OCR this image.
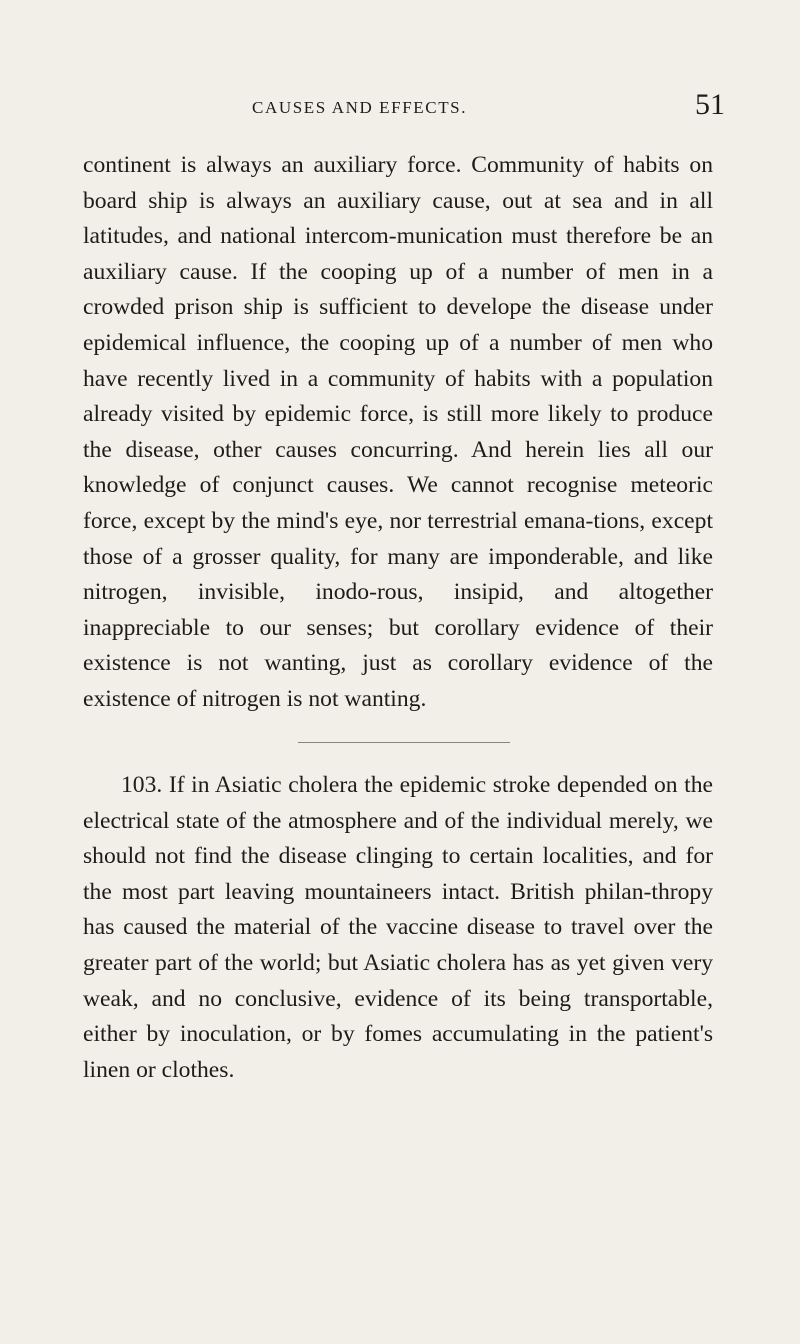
CAUSES AND EFFECTS.	51

continent is always an auxiliary force. Community of habits on board ship is always an auxiliary cause, out at sea and in all latitudes, and national intercom-munication must therefore be an auxiliary cause. If the cooping up of a number of men in a crowded prison ship is sufficient to develope the disease under epidemical influence, the cooping up of a number of men who have recently lived in a community of habits with a population already visited by epidemic force, is still more likely to produce the disease, other causes concurring. And herein lies all our knowledge of conjunct causes. We cannot recognise meteoric force, except by the mind's eye, nor terrestrial emana-tions, except those of a grosser quality, for many are imponderable, and like nitrogen, invisible, inodo-rous, insipid, and altogether inappreciable to our senses; but corollary evidence of their existence is not wanting, just as corollary evidence of the existence of nitrogen is not wanting.

103. If in Asiatic cholera the epidemic stroke depended on the electrical state of the atmosphere and of the individual merely, we should not find the disease clinging to certain localities, and for the most part leaving mountaineers intact. British philan-thropy has caused the material of the vaccine disease to travel over the greater part of the world; but Asiatic cholera has as yet given very weak, and no conclusive, evidence of its being transportable, either by inoculation, or by fomes accumulating in the patient's linen or clothes.
